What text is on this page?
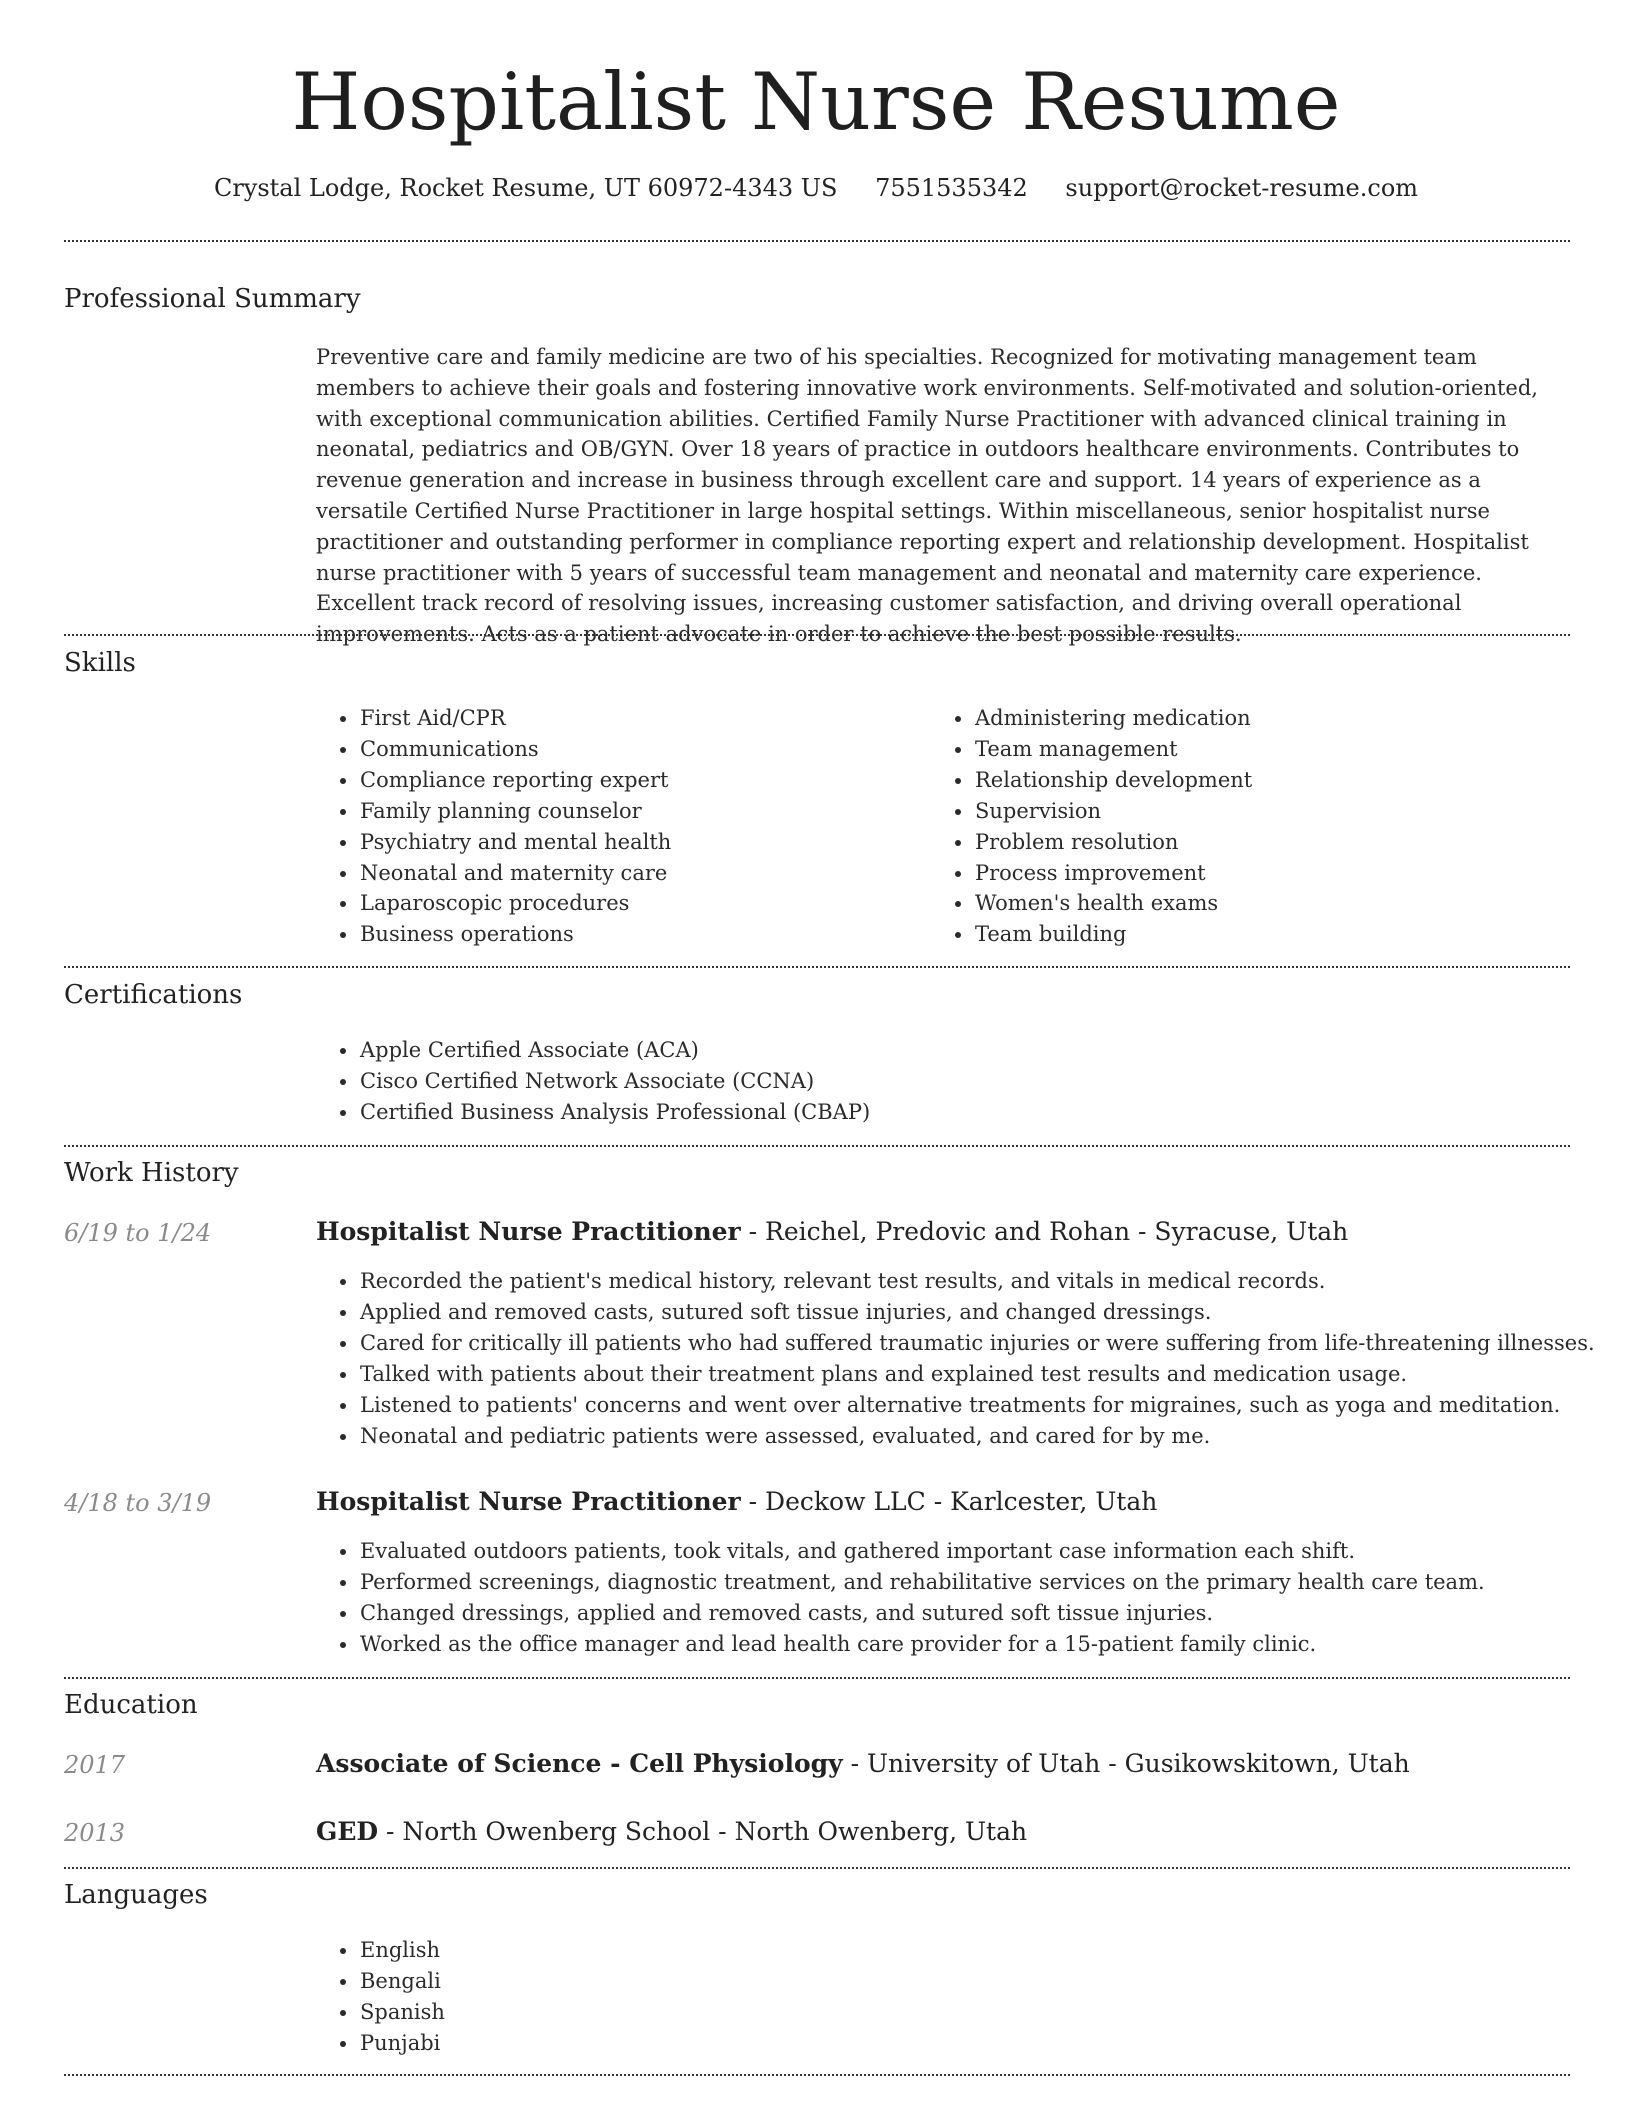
Hospitalist Nurse Resume
Crystal Lodge, Rocket Resume, UT 60972-4343 US 7551535342 support@rocket-resume.com
Professional Summary

Preventive care and family medicine are two of his specialties. Recognized for motivating management team members to achieve their goals and fostering innovative work environments. Self-motivated and solution-oriented, with exceptional communication abilities. Certified Family Nurse Practitioner with advanced clinical training in neonatal, pediatrics and OB/GYN. Over 18 years of practice in outdoors healthcare environments. Contributes to revenue generation and increase in business through excellent care and support. 14 years of experience as a versatile Certified Nurse Practitioner in large hospital settings. Within miscellaneous, senior hospitalist nurse practitioner and outstanding performer in compliance reporting expert and relationship development. Hospitalist nurse practitioner with 5 years of successful team management and neonatal and maternity care experience. Excellent track record of resolving issues, increasing customer satisfaction, and driving overall operational improvements. Acts as a patient advocate in order to achieve the best possible results.

Skills
• First Aid/CPR
• Communications
• Compliance reporting expert
• Family planning counselor
• Psychiatry and mental health
• Neonatal and maternity care
• Laparoscopic procedures
• Business operations
• Administering medication
• Team management
• Relationship development
• Supervision
• Problem resolution
• Process improvement
• Women's health exams
• Team building
Certifications
• Apple Certified Associate (ACA)
• Cisco Certified Network Associate (CCNA)
• Certified Business Analysis Professional (CBAP)
Work History
6/19 to 1/24	Hospitalist Nurse Practitioner - Reichel, Predovic and Rohan - Syracuse, Utah
• Recorded the patient's medical history, relevant test results, and vitals in medical records.
• Applied and removed casts, sutured soft tissue injuries, and changed dressings.
• Cared for critically ill patients who had suffered traumatic injuries or were suffering from life-threatening illnesses.
• Talked with patients about their treatment plans and explained test results and medication usage.
• Listened to patients' concerns and went over alternative treatments for migraines, such as yoga and meditation.
• Neonatal and pediatric patients were assessed, evaluated, and cared for by me.
4/18 to 3/19	Hospitalist Nurse Practitioner - Deckow LLC - Karlcester, Utah
• Evaluated outdoors patients, took vitals, and gathered important case information each shift.
• Performed screenings, diagnostic treatment, and rehabilitative services on the primary health care team.
• Changed dressings, applied and removed casts, and sutured soft tissue injuries.
• Worked as the office manager and lead health care provider for a 15-patient family clinic.
Education
2017	Associate of Science - Cell Physiology - University of Utah - Gusikowskitown, Utah
2013	GED - North Owenberg School - North Owenberg, Utah
Languages
• English
• Bengali
• Spanish
• Punjabi
